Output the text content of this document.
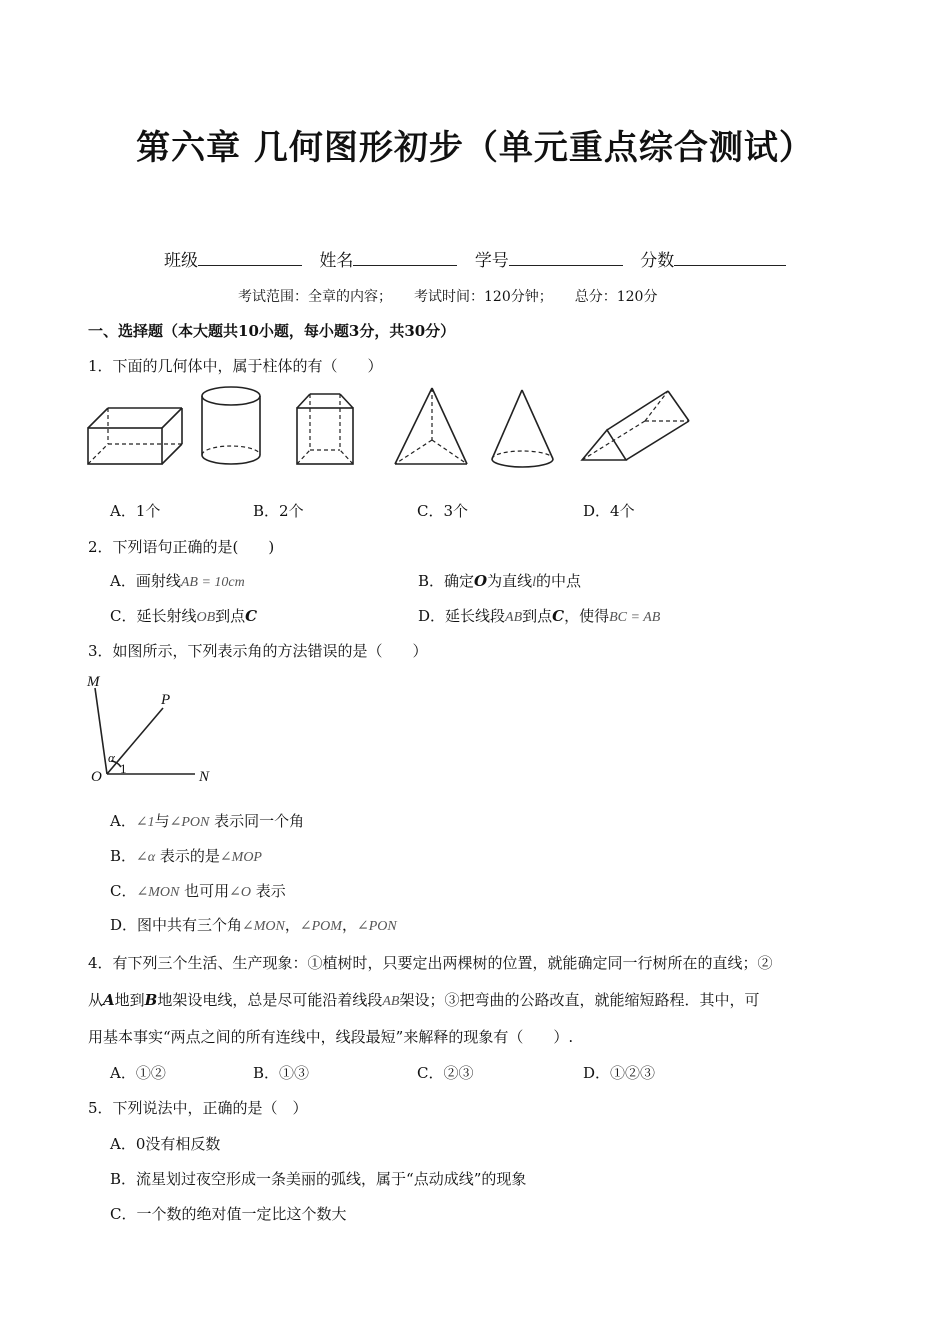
第六章 几何图形初步（单元重点综合测试）
班级	姓名	学号	分数
考试范围：全章的内容； 考试时间：120分钟； 总分：120分
一、选择题（本大题共10小题，每小题3分，共30分）
1．下面的几何体中，属于柱体的有（　　）
A．1个	B．2个	C．3个	D．4个
2．下列语句正确的是(　　)
A．画射线AB = 10cm	B．确定O为直线l的中点
C．延长射线OB到点C	D．延长线段AB到点C，使得BC = AB
3．如图所示，下列表示角的方法错误的是（　　）
M
P
O	N
α
1
A．∠1与∠PON 表示同一个角
B．∠α 表示的是∠MOP
C．∠MON 也可用∠O 表示
D．图中共有三个角∠MON，∠POM，∠PON
4．有下列三个生活、生产现象：①植树时，只要定出两棵树的位置，就能确定同一行树所在的直线；②
从A地到B地架设电线，总是尽可能沿着线段AB架设；③把弯曲的公路改直，就能缩短路程．其中，可
用基本事实“两点之间的所有连线中，线段最短”来解释的现象有（　　）.
A．①②	B．①③	C．②③	D．①②③
5．下列说法中，正确的是（　）
A．0没有相反数
B．流星划过夜空形成一条美丽的弧线，属于“点动成线”的现象
C．一个数的绝对值一定比这个数大
